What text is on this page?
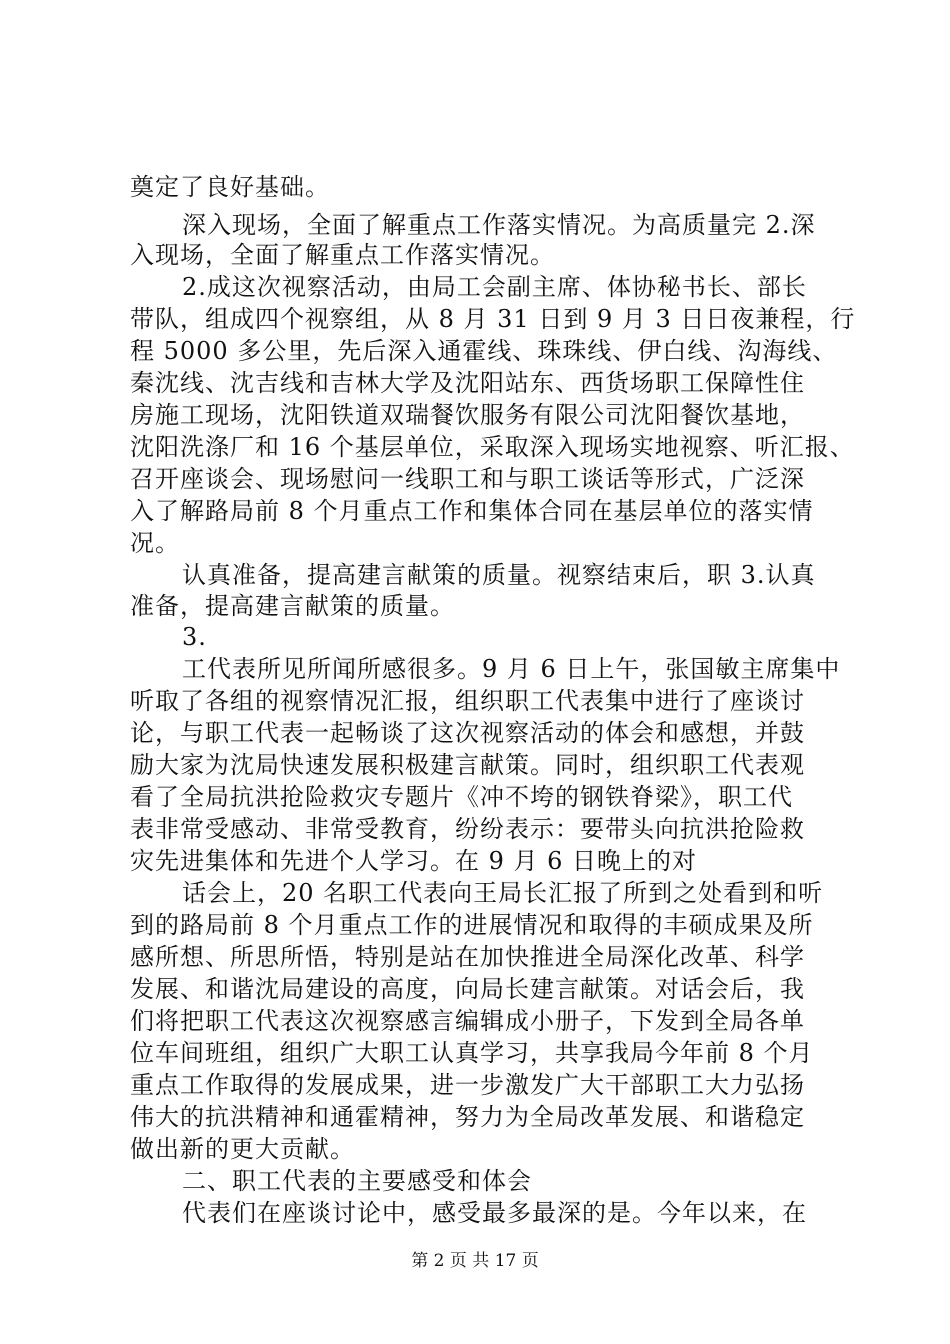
奠定了良好基础。
深入现场，全面了解重点工作落实情况。为高质量完 2.深
入现场，全面了解重点工作落实情况。
2.成这次视察活动，由局工会副主席、体协秘书长、部长
带队，组成四个视察组，从 8 月 31 日到 9 月 3 日日夜兼程，行
程 5000 多公里，先后深入通霍线、珠珠线、伊白线、沟海线、
秦沈线、沈吉线和吉林大学及沈阳站东、西货场职工保障性住
房施工现场，沈阳铁道双瑞餐饮服务有限公司沈阳餐饮基地，
沈阳洗涤厂和 16 个基层单位，采取深入现场实地视察、听汇报、
召开座谈会、现场慰问一线职工和与职工谈话等形式，广泛深
入了解路局前 8 个月重点工作和集体合同在基层单位的落实情
况。
认真准备，提高建言献策的质量。视察结束后，职 3.认真
准备，提高建言献策的质量。
3.
工代表所见所闻所感很多。9 月 6 日上午，张国敏主席集中
听取了各组的视察情况汇报，组织职工代表集中进行了座谈讨
论，与职工代表一起畅谈了这次视察活动的体会和感想，并鼓
励大家为沈局快速发展积极建言献策。同时，组织职工代表观
看了全局抗洪抢险救灾专题片《冲不垮的钢铁脊梁》，职工代
表非常受感动、非常受教育，纷纷表示：要带头向抗洪抢险救
灾先进集体和先进个人学习。在 9 月 6 日晚上的对
话会上，20 名职工代表向王局长汇报了所到之处看到和听
到的路局前 8 个月重点工作的进展情况和取得的丰硕成果及所
感所想、所思所悟，特别是站在加快推进全局深化改革、科学
发展、和谐沈局建设的高度，向局长建言献策。对话会后，我
们将把职工代表这次视察感言编辑成小册子，下发到全局各单
位车间班组，组织广大职工认真学习，共享我局今年前 8 个月
重点工作取得的发展成果，进一步激发广大干部职工大力弘扬
伟大的抗洪精神和通霍精神，努力为全局改革发展、和谐稳定
做出新的更大贡献。
二、职工代表的主要感受和体会
代表们在座谈讨论中，感受最多最深的是。今年以来，在
第 2 页 共 17 页
